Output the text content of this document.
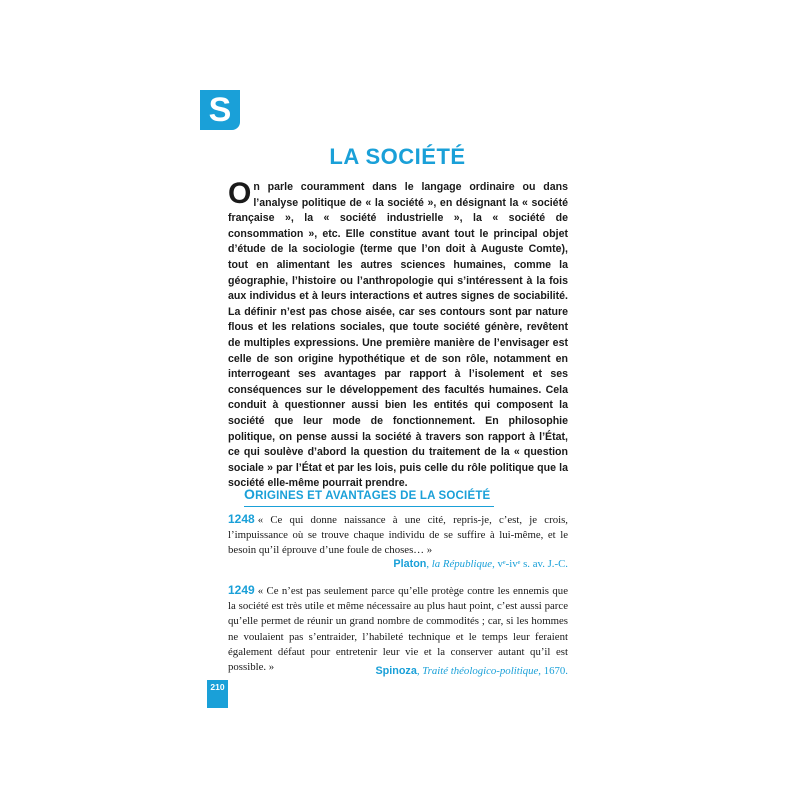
S
LA SOCIÉTÉ

On parle couramment dans le langage ordinaire ou dans l’analyse politique de « la société », en désignant la « société française », la « société industrielle », la « société de consommation », etc. Elle constitue avant tout le principal objet d’étude de la sociologie (terme que l’on doit à Auguste Comte), tout en alimentant les autres sciences humaines, comme la géographie, l’histoire ou l’anthropologie qui s’intéressent à la fois aux individus et à leurs interactions et autres signes de sociabilité. La définir n’est pas chose aisée, car ses contours sont par nature flous et les relations sociales, que toute société génère, revêtent de multiples expressions. Une première manière de l’envisager est celle de son origine hypothétique et de son rôle, notamment en interrogeant ses avantages par rapport à l’isolement et ses conséquences sur le développement des facultés humaines. Cela conduit à questionner aussi bien les entités qui composent la société que leur mode de fonctionnement. En philosophie politique, on pense aussi la société à travers son rapport à l’État, ce qui soulève d’abord la question du traitement de la « question sociale » par l’État et par les lois, puis celle du rôle politique que la société elle-même pourrait prendre.

ORIGINES ET AVANTAGES DE LA SOCIÉTÉ

1248 « Ce qui donne naissance à une cité, repris-je, c’est, je crois, l’impuissance où se trouve chaque individu de se suffire à lui-même, et le besoin qu’il éprouve d’une foule de choses… »

Platon, la République, vᵉ-ivᵉ s. av. J.-C.

1249 « Ce n’est pas seulement parce qu’elle protège contre les ennemis que la société est très utile et même nécessaire au plus haut point, c’est aussi parce qu’elle permet de réunir un grand nombre de commodités ; car, si les hommes ne voulaient pas s’entraider, l’habileté technique et le temps leur feraient également défaut pour entretenir leur vie et la conserver autant qu’il est possible. »	Spinoza, Traité théologico-politique, 1670.

210
